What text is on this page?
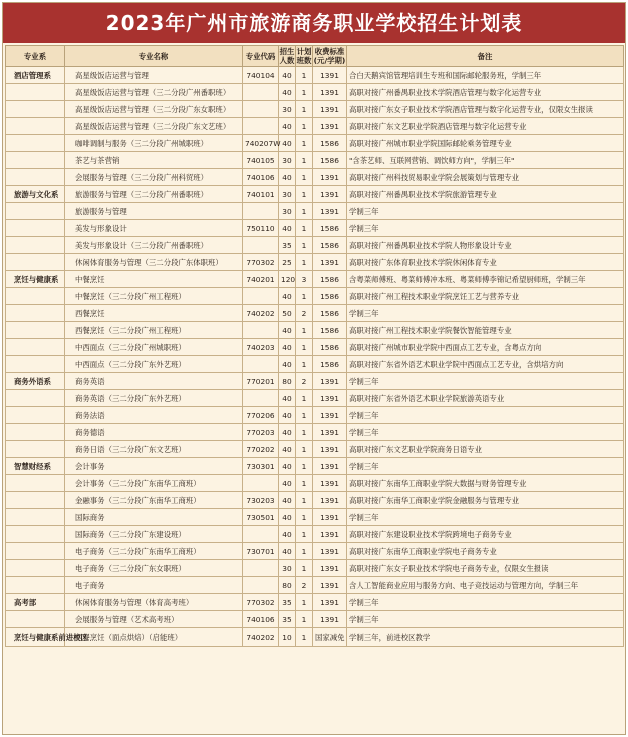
2023年广州市旅游商务职业学校招生计划表
专业系	专业名称	专业代码	招生人数	计划班数	收费标准(元/学期)	备注
酒店管理系	高星级饭店运营与管理	740104	40	1	1391	合白天鹅宾馆管理培训生专班和国际邮轮服务班，学制三年
	高星级饭店运营与管理（三二分段广州番职班）		40	1	1391	高职对接广州番禺职业技术学院酒店管理与数字化运营专业
	高星级饭店运营与管理（三二分段广东女职班）		30	1	1391	高职对接广东女子职业技术学院酒店管理与数字化运营专业，仅限女生报读
	高星级饭店运营与管理（三二分段广东文艺班）		40	1	1391	高职对接广东文艺职业学院酒店管理与数字化运营专业
	咖啡调制与服务（三二分段广州城职班）	740207W	40	1	1586	高职对接广州城市职业学院国际邮轮乘务管理专业
	茶艺与茶营销	740105	30	1	1586	"含茶艺师、互联网营销、调饮师方向"，学制三年"
	会展服务与管理（三二分段广州科贸班）	740106	40	1	1391	高职对接广州科技贸易职业学院会展策划与管理专业
旅游与文化系	旅游服务与管理（三二分段广州番职班）	740101	30	1	1391	高职对接广州番禺职业技术学院旅游管理专业
	旅游服务与管理		30	1	1391	学制三年
	美发与形象设计	750110	40	1	1586	学制三年
	美发与形象设计（三二分段广州番职班）		35	1	1586	高职对接广州番禺职业技术学院人物形象设计专业
	休闲体育服务与管理（三二分段广东体职班）	770302	25	1	1391	高职对接广东体育职业技术学院休闲体育专业
烹饪与健康系	中餐烹饪	740201	120	3	1586	含粤菜师傅班、粤菜师傅冲本班、粤菜师傅李锦记希望厨师班，学制三年
	中餐烹饪（三二分段广州工程班）		40	1	1586	高职对接广州工程技术职业学院烹饪工艺与营养专业
	西餐烹饪	740202	50	2	1586	学制三年
	西餐烹饪（三二分段广州工程班）		40	1	1586	高职对接广州工程技术职业学院餐饮智能管理专业
	中西面点（三二分段广州城职班）	740203	40	1	1586	高职对接广州城市职业学院中西面点工艺专业，含粤点方向
	中西面点（三二分段广东外艺班）		40	1	1586	高职对接广东省外语艺术职业学院中西面点工艺专业，含烘培方向
商务外语系	商务英语	770201	80	2	1391	学制三年
	商务英语（三二分段广东外艺班）		40	1	1391	高职对接广东省外语艺术职业学院旅游英语专业
	商务法语	770206	40	1	1391	学制三年
	商务德语	770203	40	1	1391	学制三年
	商务日语（三二分段广东文艺班）	770202	40	1	1391	高职对接广东文艺职业学院商务日语专业
智慧财经系	会计事务	730301	40	1	1391	学制三年
	会计事务（三二分段广东南华工商班）		40	1	1391	高职对接广东南华工商职业学院大数据与财务管理专业
	金融事务（三二分段广东南华工商班）	730203	40	1	1391	高职对接广东南华工商职业学院金融服务与管理专业
	国际商务	730501	40	1	1391	学制三年
	国际商务（三二分段广东建设班）		40	1	1391	高职对接广东建设职业技术学院跨境电子商务专业
	电子商务（三二分段广东南华工商班）	730701	40	1	1391	高职对接广东南华工商职业学院电子商务专业
	电子商务（三二分段广东女职班）		30	1	1391	高职对接广东女子职业技术学院电子商务专业，仅限女生报读
	电子商务		80	2	1391	含人工智能商业应用与服务方向、电子竞技运动与管理方向，学制三年
高考部	休闲体育服务与管理（体育高考班）	770302	35	1	1391	学制三年
	会展服务与管理（艺术高考班）	740106	35	1	1391	学制三年
烹饪与健康系前进校区	西餐烹饪（面点烘焙）（启能班）	740202	10	1	国家减免	学制三年，前进校区教学
